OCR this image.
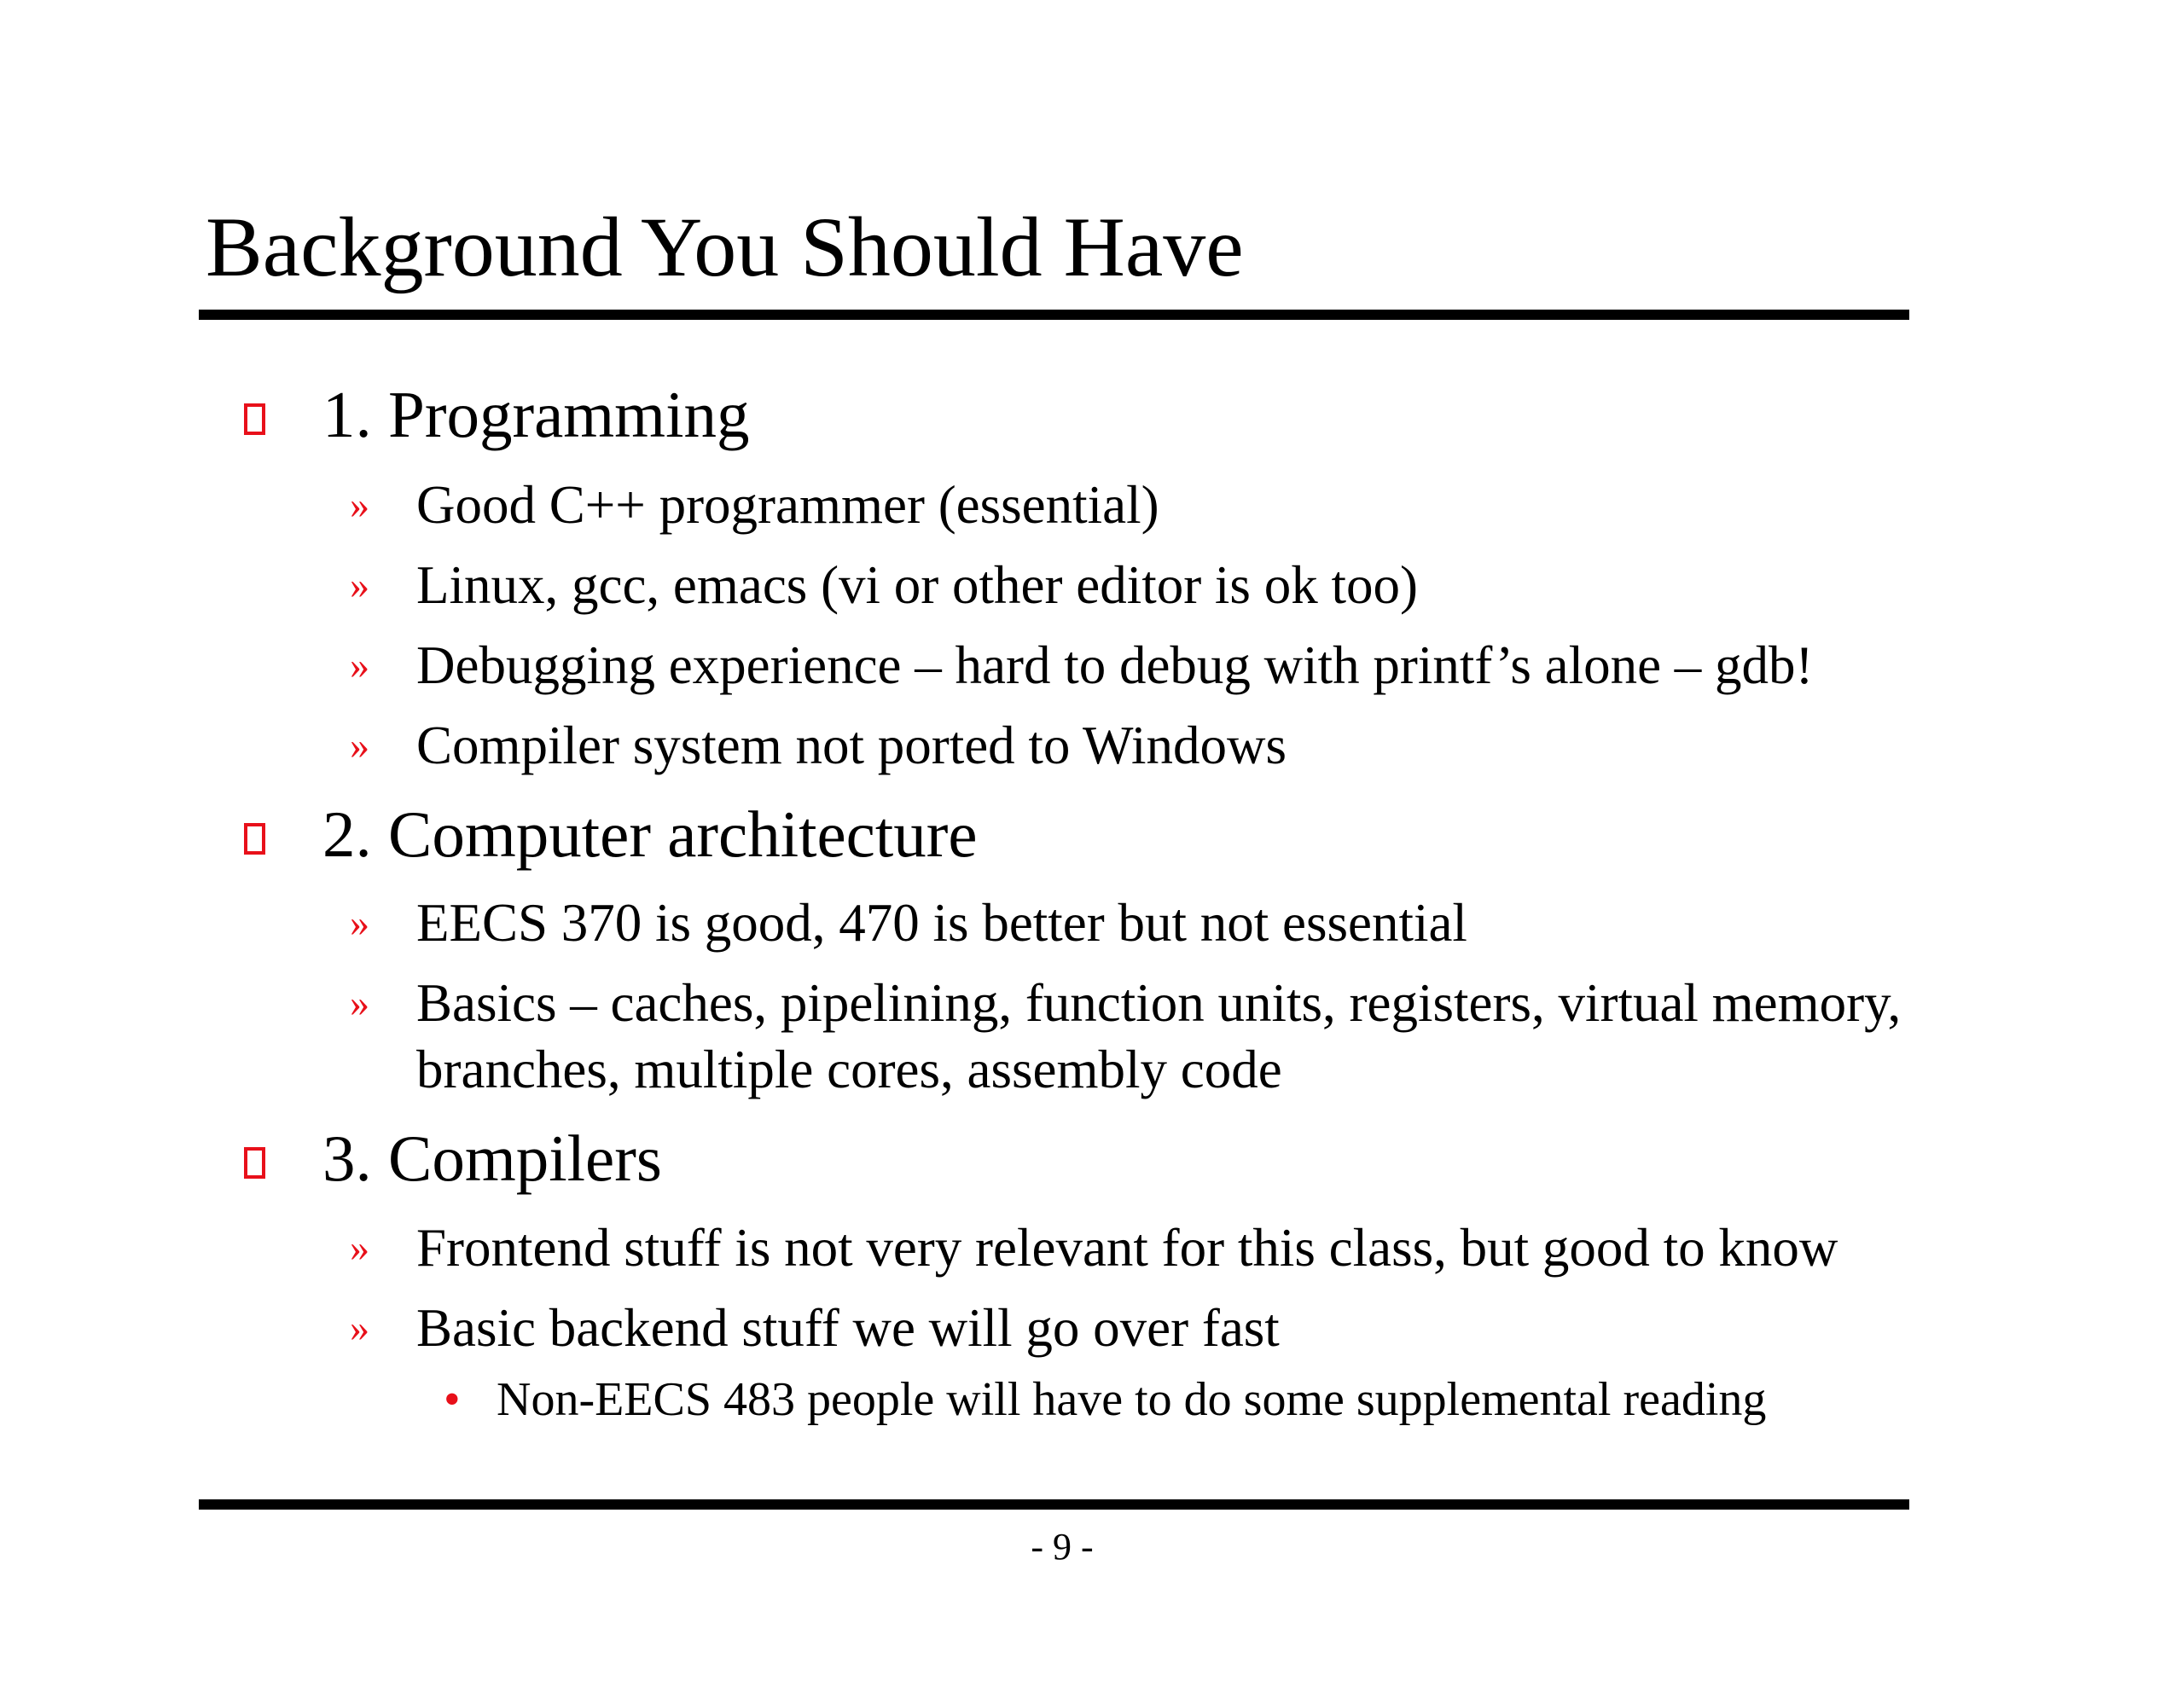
Background You Should Have
1. Programming
» Good C++ programmer (essential)
» Linux, gcc, emacs (vi or other editor is ok too)
» Debugging experience – hard to debug with printf’s alone – gdb!
» Compiler system not ported to Windows
2. Computer architecture
» EECS 370 is good, 470 is better but not essential
» Basics – caches, pipelining, function units, registers, virtual memory, branches, multiple cores, assembly code
3. Compilers
» Frontend stuff is not very relevant for this class, but good to know
» Basic backend stuff we will go over fast
• Non-EECS 483 people will have to do some supplemental reading
- 9 -
